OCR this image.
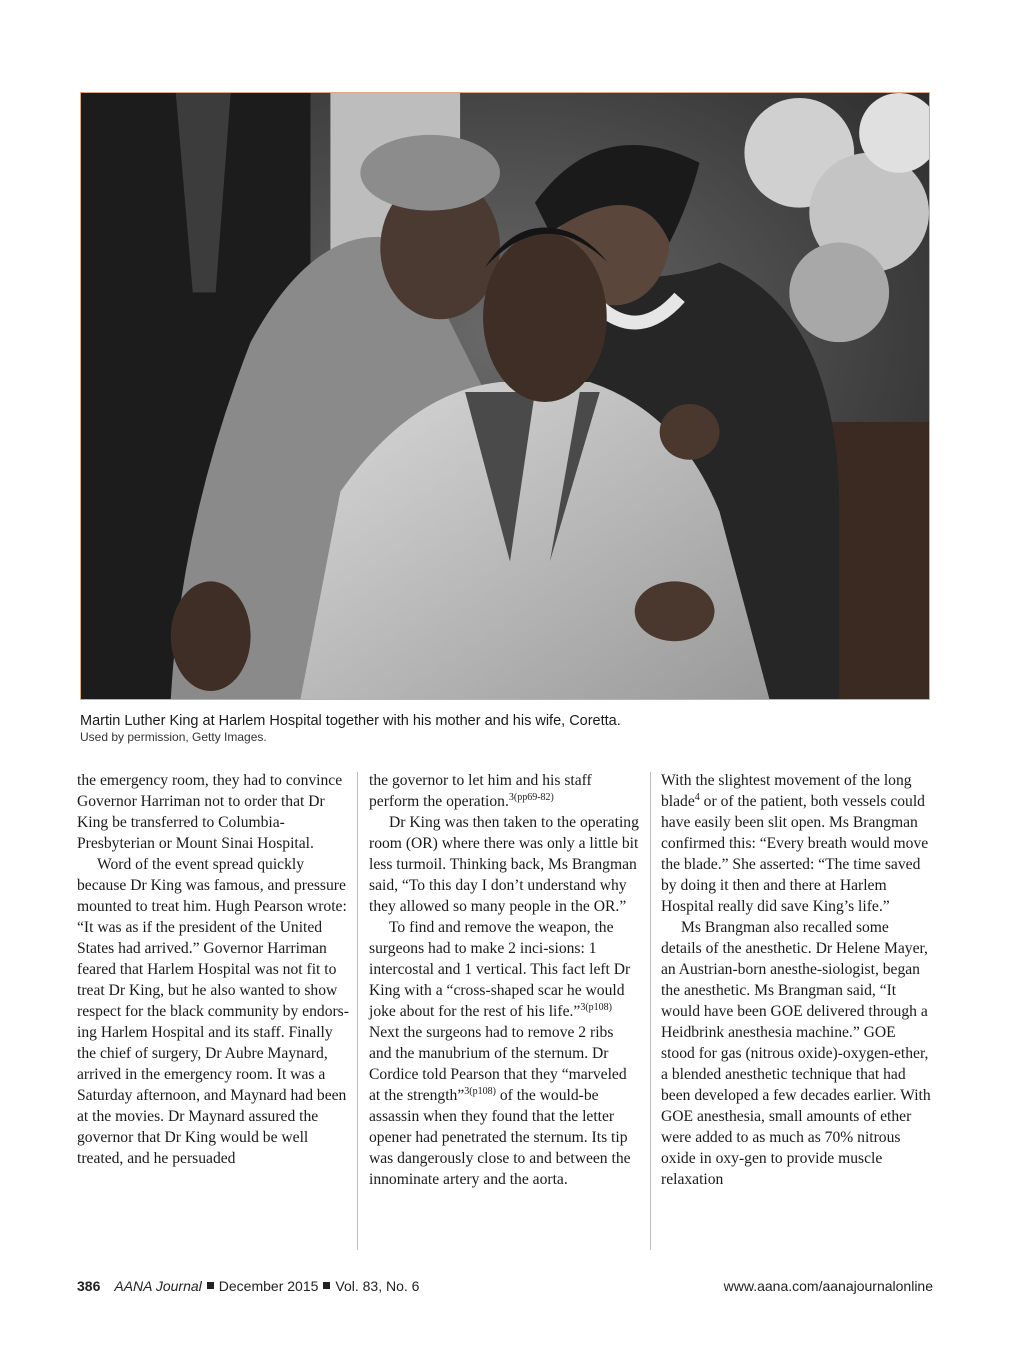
Martin Luther King at Harlem Hospital together with his mother and his wife, Coretta.
Used by permission, Getty Images.

the emergency room, they had to convince Governor Harriman not to order that Dr King be transferred to Columbia-Presbyterian or Mount Sinai Hospital.

Word of the event spread quickly because Dr King was famous, and pressure mounted to treat him. Hugh Pearson wrote: “It was as if the president of the United States had arrived.” Governor Harriman feared that Harlem Hospital was not fit to treat Dr King, but he also wanted to show respect for the black community by endors-ing Harlem Hospital and its staff. Finally the chief of surgery, Dr Aubre Maynard, arrived in the emergency room. It was a Saturday afternoon, and Maynard had been at the movies. Dr Maynard assured the governor that Dr King would be well treated, and he persuaded

the governor to let him and his staff perform the operation.$^{3(pp69-82)}$

Dr King was then taken to the operating room (OR) where there was only a little bit less turmoil. Thinking back, Ms Brangman said, “To this day I don’t understand why they allowed so many people in the OR.”

To find and remove the weapon, the surgeons had to make 2 inci-sions: 1 intercostal and 1 vertical. This fact left Dr King with a “cross-shaped scar he would joke about for the rest of his life.”$^{3(p108)}$ Next the surgeons had to remove 2 ribs and the manubrium of the sternum. Dr Cordice told Pearson that they “marveled at the strength”$^{3(p108)}$ of the would-be assassin when they found that the letter opener had penetrated the sternum. Its tip was dangerously close to and between the innominate artery and the aorta.

With the slightest movement of the long blade$^4$ or of the patient, both vessels could have easily been slit open. Ms Brangman confirmed this: “Every breath would move the blade.” She asserted: “The time saved by doing it then and there at Harlem Hospital really did save King’s life.”

Ms Brangman also recalled some details of the anesthetic. Dr Helene Mayer, an Austrian-born anesthe-siologist, began the anesthetic. Ms Brangman said, “It would have been GOE delivered through a Heidbrink anesthesia machine.” GOE stood for gas (nitrous oxide)-oxygen-ether, a blended anesthetic technique that had been developed a few decades earlier. With GOE anesthesia, small amounts of ether were added to as much as 70% nitrous oxide in oxy-gen to provide muscle relaxation

386 AANA Journal December 2015 Vol. 83, No. 6	www.aana.com/aanajournalonline
